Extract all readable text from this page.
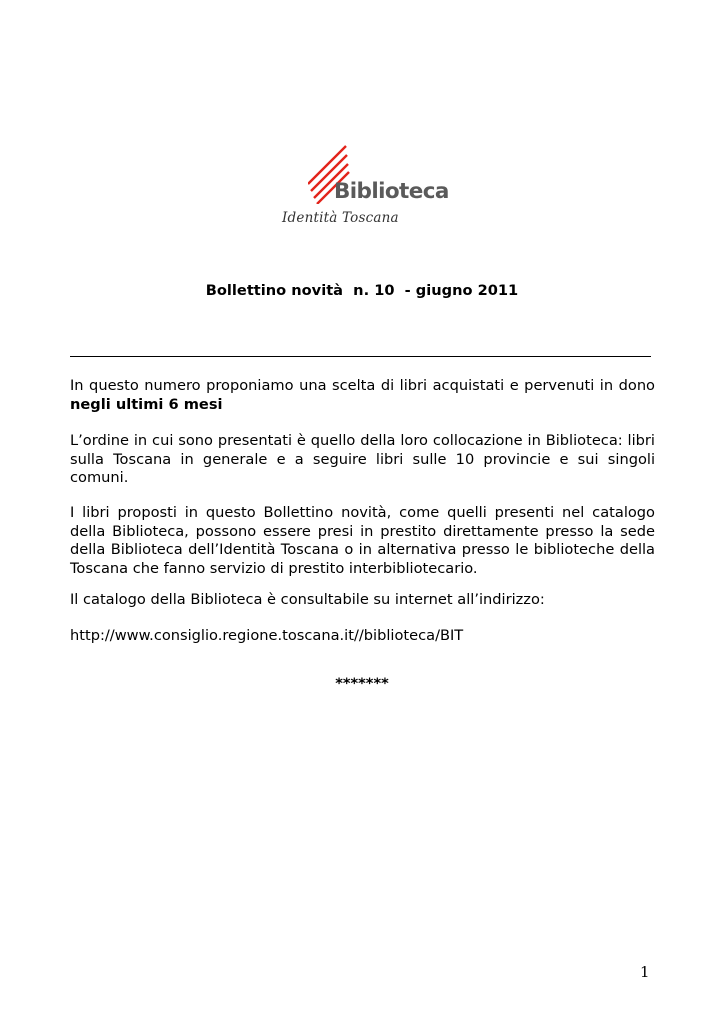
Biblioteca
Identità Toscana
Bollettino novità  n. 10  - giugno 2011

In questo numero proponiamo una scelta di libri acquistati e pervenuti in dono negli ultimi 6 mesi

L’ordine in cui sono presentati è quello della loro collocazione in Biblioteca: libri sulla Toscana in generale e a seguire libri sulle 10 provincie e sui singoli comuni.

I libri proposti in questo Bollettino novità, come quelli presenti nel catalogo della Biblioteca, possono essere presi in prestito direttamente presso la sede della Biblioteca dell’Identità Toscana o in alternativa presso le biblioteche della Toscana che fanno servizio di prestito interbibliotecario.

Il catalogo della Biblioteca è consultabile su internet all’indirizzo:

http://www.consiglio.regione.toscana.it//biblioteca/BIT

*******
1
